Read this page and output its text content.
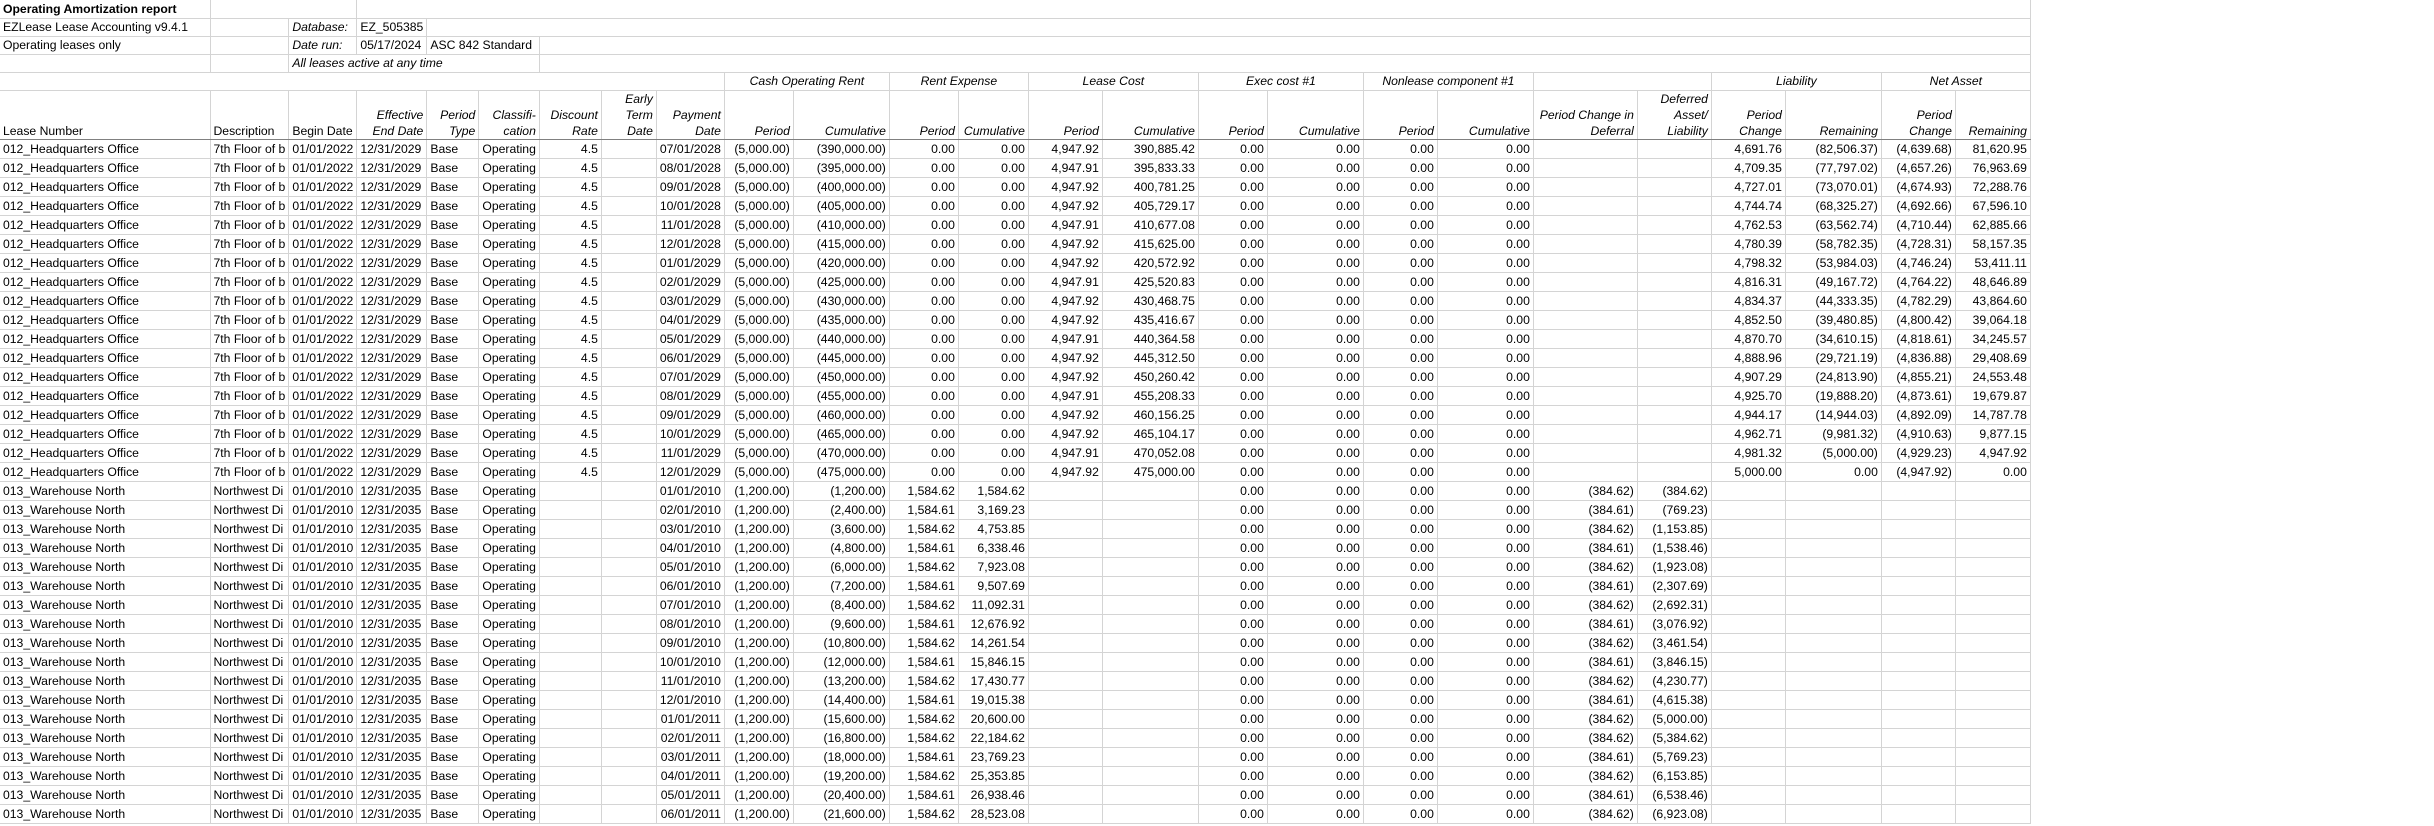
Operating Amortization report																								
EZLease Lease Accounting v9.4.1		Database:	EZ_505385																					
Operating leases only		Date run:	05/17/2024	ASC 842 Standard																				
		All leases active at any time																						
									Cash Operating Rent		Rent Expense		Lease Cost		Exec cost #1		Nonlease component #1				Liability		Net Asset	
Lease Number	Description	Begin Date	Effective End Date	Period Type	Classifi- cation	Discount Rate	Early Term Date	Payment Date	Period	Cumulative	Period	Cumulative	Period	Cumulative	Period	Cumulative	Period	Cumulative	Period Change in Deferral	Deferred Asset/ Liability	Period Change	Remaining	Period Change	Remaining
012_Headquarters Office	7th Floor of b	01/01/2022	12/31/2029	Base	Operating	4.5		07/01/2028	(5,000.00)	(390,000.00)	0.00	0.00	4,947.92	390,885.42	0.00	0.00	0.00	0.00			4,691.76	(82,506.37)	(4,639.68)	81,620.95
012_Headquarters Office	7th Floor of b	01/01/2022	12/31/2029	Base	Operating	4.5		08/01/2028	(5,000.00)	(395,000.00)	0.00	0.00	4,947.91	395,833.33	0.00	0.00	0.00	0.00			4,709.35	(77,797.02)	(4,657.26)	76,963.69
012_Headquarters Office	7th Floor of b	01/01/2022	12/31/2029	Base	Operating	4.5		09/01/2028	(5,000.00)	(400,000.00)	0.00	0.00	4,947.92	400,781.25	0.00	0.00	0.00	0.00			4,727.01	(73,070.01)	(4,674.93)	72,288.76
012_Headquarters Office	7th Floor of b	01/01/2022	12/31/2029	Base	Operating	4.5		10/01/2028	(5,000.00)	(405,000.00)	0.00	0.00	4,947.92	405,729.17	0.00	0.00	0.00	0.00			4,744.74	(68,325.27)	(4,692.66)	67,596.10
012_Headquarters Office	7th Floor of b	01/01/2022	12/31/2029	Base	Operating	4.5		11/01/2028	(5,000.00)	(410,000.00)	0.00	0.00	4,947.91	410,677.08	0.00	0.00	0.00	0.00			4,762.53	(63,562.74)	(4,710.44)	62,885.66
012_Headquarters Office	7th Floor of b	01/01/2022	12/31/2029	Base	Operating	4.5		12/01/2028	(5,000.00)	(415,000.00)	0.00	0.00	4,947.92	415,625.00	0.00	0.00	0.00	0.00			4,780.39	(58,782.35)	(4,728.31)	58,157.35
012_Headquarters Office	7th Floor of b	01/01/2022	12/31/2029	Base	Operating	4.5		01/01/2029	(5,000.00)	(420,000.00)	0.00	0.00	4,947.92	420,572.92	0.00	0.00	0.00	0.00			4,798.32	(53,984.03)	(4,746.24)	53,411.11
012_Headquarters Office	7th Floor of b	01/01/2022	12/31/2029	Base	Operating	4.5		02/01/2029	(5,000.00)	(425,000.00)	0.00	0.00	4,947.91	425,520.83	0.00	0.00	0.00	0.00			4,816.31	(49,167.72)	(4,764.22)	48,646.89
012_Headquarters Office	7th Floor of b	01/01/2022	12/31/2029	Base	Operating	4.5		03/01/2029	(5,000.00)	(430,000.00)	0.00	0.00	4,947.92	430,468.75	0.00	0.00	0.00	0.00			4,834.37	(44,333.35)	(4,782.29)	43,864.60
012_Headquarters Office	7th Floor of b	01/01/2022	12/31/2029	Base	Operating	4.5		04/01/2029	(5,000.00)	(435,000.00)	0.00	0.00	4,947.92	435,416.67	0.00	0.00	0.00	0.00			4,852.50	(39,480.85)	(4,800.42)	39,064.18
012_Headquarters Office	7th Floor of b	01/01/2022	12/31/2029	Base	Operating	4.5		05/01/2029	(5,000.00)	(440,000.00)	0.00	0.00	4,947.91	440,364.58	0.00	0.00	0.00	0.00			4,870.70	(34,610.15)	(4,818.61)	34,245.57
012_Headquarters Office	7th Floor of b	01/01/2022	12/31/2029	Base	Operating	4.5		06/01/2029	(5,000.00)	(445,000.00)	0.00	0.00	4,947.92	445,312.50	0.00	0.00	0.00	0.00			4,888.96	(29,721.19)	(4,836.88)	29,408.69
012_Headquarters Office	7th Floor of b	01/01/2022	12/31/2029	Base	Operating	4.5		07/01/2029	(5,000.00)	(450,000.00)	0.00	0.00	4,947.92	450,260.42	0.00	0.00	0.00	0.00			4,907.29	(24,813.90)	(4,855.21)	24,553.48
012_Headquarters Office	7th Floor of b	01/01/2022	12/31/2029	Base	Operating	4.5		08/01/2029	(5,000.00)	(455,000.00)	0.00	0.00	4,947.91	455,208.33	0.00	0.00	0.00	0.00			4,925.70	(19,888.20)	(4,873.61)	19,679.87
012_Headquarters Office	7th Floor of b	01/01/2022	12/31/2029	Base	Operating	4.5		09/01/2029	(5,000.00)	(460,000.00)	0.00	0.00	4,947.92	460,156.25	0.00	0.00	0.00	0.00			4,944.17	(14,944.03)	(4,892.09)	14,787.78
012_Headquarters Office	7th Floor of b	01/01/2022	12/31/2029	Base	Operating	4.5		10/01/2029	(5,000.00)	(465,000.00)	0.00	0.00	4,947.92	465,104.17	0.00	0.00	0.00	0.00			4,962.71	(9,981.32)	(4,910.63)	9,877.15
012_Headquarters Office	7th Floor of b	01/01/2022	12/31/2029	Base	Operating	4.5		11/01/2029	(5,000.00)	(470,000.00)	0.00	0.00	4,947.91	470,052.08	0.00	0.00	0.00	0.00			4,981.32	(5,000.00)	(4,929.23)	4,947.92
012_Headquarters Office	7th Floor of b	01/01/2022	12/31/2029	Base	Operating	4.5		12/01/2029	(5,000.00)	(475,000.00)	0.00	0.00	4,947.92	475,000.00	0.00	0.00	0.00	0.00			5,000.00	0.00	(4,947.92)	0.00
013_Warehouse North	Northwest Di	01/01/2010	12/31/2035	Base	Operating			01/01/2010	(1,200.00)	(1,200.00)	1,584.62	1,584.62			0.00	0.00	0.00	0.00	(384.62)	(384.62)				
013_Warehouse North	Northwest Di	01/01/2010	12/31/2035	Base	Operating			02/01/2010	(1,200.00)	(2,400.00)	1,584.61	3,169.23			0.00	0.00	0.00	0.00	(384.61)	(769.23)				
013_Warehouse North	Northwest Di	01/01/2010	12/31/2035	Base	Operating			03/01/2010	(1,200.00)	(3,600.00)	1,584.62	4,753.85			0.00	0.00	0.00	0.00	(384.62)	(1,153.85)				
013_Warehouse North	Northwest Di	01/01/2010	12/31/2035	Base	Operating			04/01/2010	(1,200.00)	(4,800.00)	1,584.61	6,338.46			0.00	0.00	0.00	0.00	(384.61)	(1,538.46)				
013_Warehouse North	Northwest Di	01/01/2010	12/31/2035	Base	Operating			05/01/2010	(1,200.00)	(6,000.00)	1,584.62	7,923.08			0.00	0.00	0.00	0.00	(384.62)	(1,923.08)				
013_Warehouse North	Northwest Di	01/01/2010	12/31/2035	Base	Operating			06/01/2010	(1,200.00)	(7,200.00)	1,584.61	9,507.69			0.00	0.00	0.00	0.00	(384.61)	(2,307.69)				
013_Warehouse North	Northwest Di	01/01/2010	12/31/2035	Base	Operating			07/01/2010	(1,200.00)	(8,400.00)	1,584.62	11,092.31			0.00	0.00	0.00	0.00	(384.62)	(2,692.31)				
013_Warehouse North	Northwest Di	01/01/2010	12/31/2035	Base	Operating			08/01/2010	(1,200.00)	(9,600.00)	1,584.61	12,676.92			0.00	0.00	0.00	0.00	(384.61)	(3,076.92)				
013_Warehouse North	Northwest Di	01/01/2010	12/31/2035	Base	Operating			09/01/2010	(1,200.00)	(10,800.00)	1,584.62	14,261.54			0.00	0.00	0.00	0.00	(384.62)	(3,461.54)				
013_Warehouse North	Northwest Di	01/01/2010	12/31/2035	Base	Operating			10/01/2010	(1,200.00)	(12,000.00)	1,584.61	15,846.15			0.00	0.00	0.00	0.00	(384.61)	(3,846.15)				
013_Warehouse North	Northwest Di	01/01/2010	12/31/2035	Base	Operating			11/01/2010	(1,200.00)	(13,200.00)	1,584.62	17,430.77			0.00	0.00	0.00	0.00	(384.62)	(4,230.77)				
013_Warehouse North	Northwest Di	01/01/2010	12/31/2035	Base	Operating			12/01/2010	(1,200.00)	(14,400.00)	1,584.61	19,015.38			0.00	0.00	0.00	0.00	(384.61)	(4,615.38)				
013_Warehouse North	Northwest Di	01/01/2010	12/31/2035	Base	Operating			01/01/2011	(1,200.00)	(15,600.00)	1,584.62	20,600.00			0.00	0.00	0.00	0.00	(384.62)	(5,000.00)				
013_Warehouse North	Northwest Di	01/01/2010	12/31/2035	Base	Operating			02/01/2011	(1,200.00)	(16,800.00)	1,584.62	22,184.62			0.00	0.00	0.00	0.00	(384.62)	(5,384.62)				
013_Warehouse North	Northwest Di	01/01/2010	12/31/2035	Base	Operating			03/01/2011	(1,200.00)	(18,000.00)	1,584.61	23,769.23			0.00	0.00	0.00	0.00	(384.61)	(5,769.23)				
013_Warehouse North	Northwest Di	01/01/2010	12/31/2035	Base	Operating			04/01/2011	(1,200.00)	(19,200.00)	1,584.62	25,353.85			0.00	0.00	0.00	0.00	(384.62)	(6,153.85)				
013_Warehouse North	Northwest Di	01/01/2010	12/31/2035	Base	Operating			05/01/2011	(1,200.00)	(20,400.00)	1,584.61	26,938.46			0.00	0.00	0.00	0.00	(384.61)	(6,538.46)				
013_Warehouse North	Northwest Di	01/01/2010	12/31/2035	Base	Operating			06/01/2011	(1,200.00)	(21,600.00)	1,584.62	28,523.08			0.00	0.00	0.00	0.00	(384.62)	(6,923.08)				
